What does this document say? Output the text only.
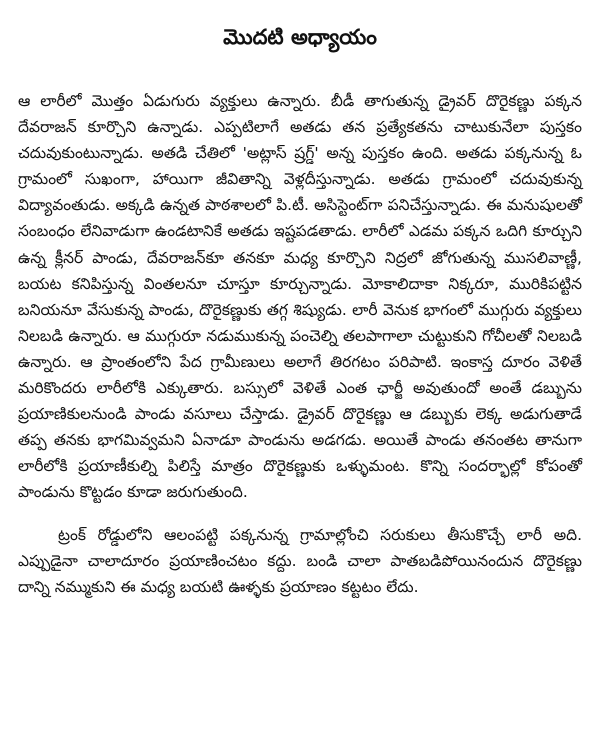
మొదటి అధ్యాయం

ఆ లారీలో మొత్తం ఏడుగురు వ్యక్తులు ఉన్నారు. బీడీ తాగుతున్న డ్రైవర్ దొరైకణ్ణు పక్కన దేవరాజన్ కూర్చొని ఉన్నాడు. ఎప్పటిలాగే అతడు తన ప్రత్యేకతను చాటుకునేలా పుస్తకం చదువుకుంటున్నాడు. అతడి చేతిలో 'అట్లాస్ ష్రగ్డ్' అన్న పుస్తకం ఉంది. అతడు పక్కనున్న ఓ గ్రామంలో సుఖంగా, హాయిగా జీవితాన్ని వెళ్లదీస్తున్నాడు. అతడు గ్రామంలో చదువుకున్న విద్యావంతుడు. అక్కడి ఉన్నత పాఠశాలలో పి.టీ. అసిస్టెంట్‌గా పనిచేస్తున్నాడు. ఈ మనుషులతో సంబంధం లేనివాడుగా ఉండటానికే అతడు ఇష్టపడతాడు. లారీలో ఎడమ పక్కన ఒదిగి కూర్చుని ఉన్న క్లీనర్ పాండు, దేవరాజన్‌కూ తనకూ మధ్య కూర్చొని నిద్రలో జోగుతున్న ముసలివాణ్ణీ, బయట కనిపిస్తున్న వింతలనూ చూస్తూ కూర్చున్నాడు. మోకాలిదాకా నిక్కరూ, మురికిపట్టిన బనియనూ వేసుకున్న పాండు, దొరైకణ్ణుకు తగ్గ శిష్యుడు. లారీ వెనుక భాగంలో ముగ్గురు వ్యక్తులు నిలబడి ఉన్నారు. ఆ ముగ్గురూ నడుముకున్న పంచెల్ని తలపాగాలా చుట్టుకుని గోచీలతో నిలబడి ఉన్నారు. ఆ ప్రాంతంలోని పేద గ్రామీణులు అలాగే తిరగటం పరిపాటి. ఇంకాస్త దూరం వెళితే మరికొందరు లారీలోకి ఎక్కుతారు. బస్సులో వెళితే ఎంత ఛార్జీ అవుతుందో అంతే డబ్బును ప్రయాణికులనుండి పాండు వసూలు చేస్తాడు. డ్రైవర్ దొరైకణ్ణు ఆ డబ్బుకు లెక్క అడుగుతాడే తప్ప తనకు భాగమివ్వమని ఏనాడూ పాండును అడగడు. అయితే పాండు తనంతట తానుగా లారీలోకి ప్రయాణీకుల్ని పిలిస్తే మాత్రం దొరైకణ్ణుకు ఒళ్ళుమంట. కొన్ని సందర్భాల్లో కోపంతో పాండును కొట్టడం కూడా జరుగుతుంది.

ట్రంక్ రోడ్డులోని ఆలంపట్టి పక్కనున్న గ్రామాల్లోంచి సరుకులు తీసుకొచ్చే లారీ అది. ఎప్పుడైనా చాలాదూరం ప్రయాణించటం కద్దు. బండి చాలా పాతబడిపోయినందున దొరైకణ్ణు దాన్ని నమ్ముకుని ఈ మధ్య బయటి ఊళ్ళకు ప్రయాణం కట్టటం లేదు.
